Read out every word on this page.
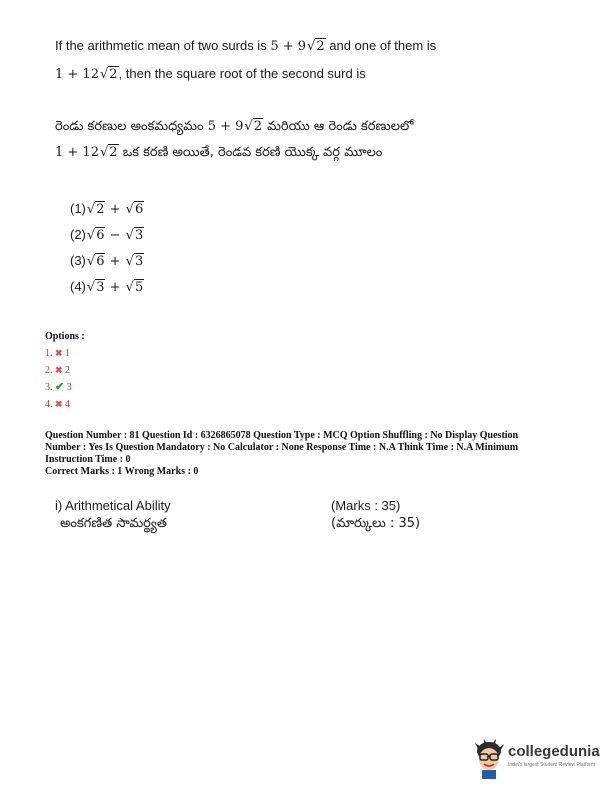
If the arithmetic mean of two surds is 5 + 9√2 and one of them is
1 + 12√2, then the square root of the second surd is
రెండు కరణుల అంకమధ్యమం 5 + 9√2 మరియు ఆ రెండు కరణులలో
1 + 12√2 ఒక కరణి అయితే, రెండవ కరణి యొక్క వర్గ మూలం
(1)√2 + √6
(2)√6 − √3
(3)√6 + √3
(4)√3 + √5
Options :
1. ✖ 1
2. ✖ 2
3. ✔ 3
4. ✖ 4
Question Number : 81 Question Id : 6326865078 Question Type : MCQ Option Shuffling : No Display Question
Number : Yes Is Question Mandatory : No Calculator : None Response Time : N.A Think Time : N.A Minimum
Instruction Time : 0
Correct Marks : 1 Wrong Marks : 0
i) Arithmetical Ability	(Marks : 35)
అంకగణిత సామర్థ్యత	(మార్కులు : 35)
collegedunia
India's largest Student Review Platform
